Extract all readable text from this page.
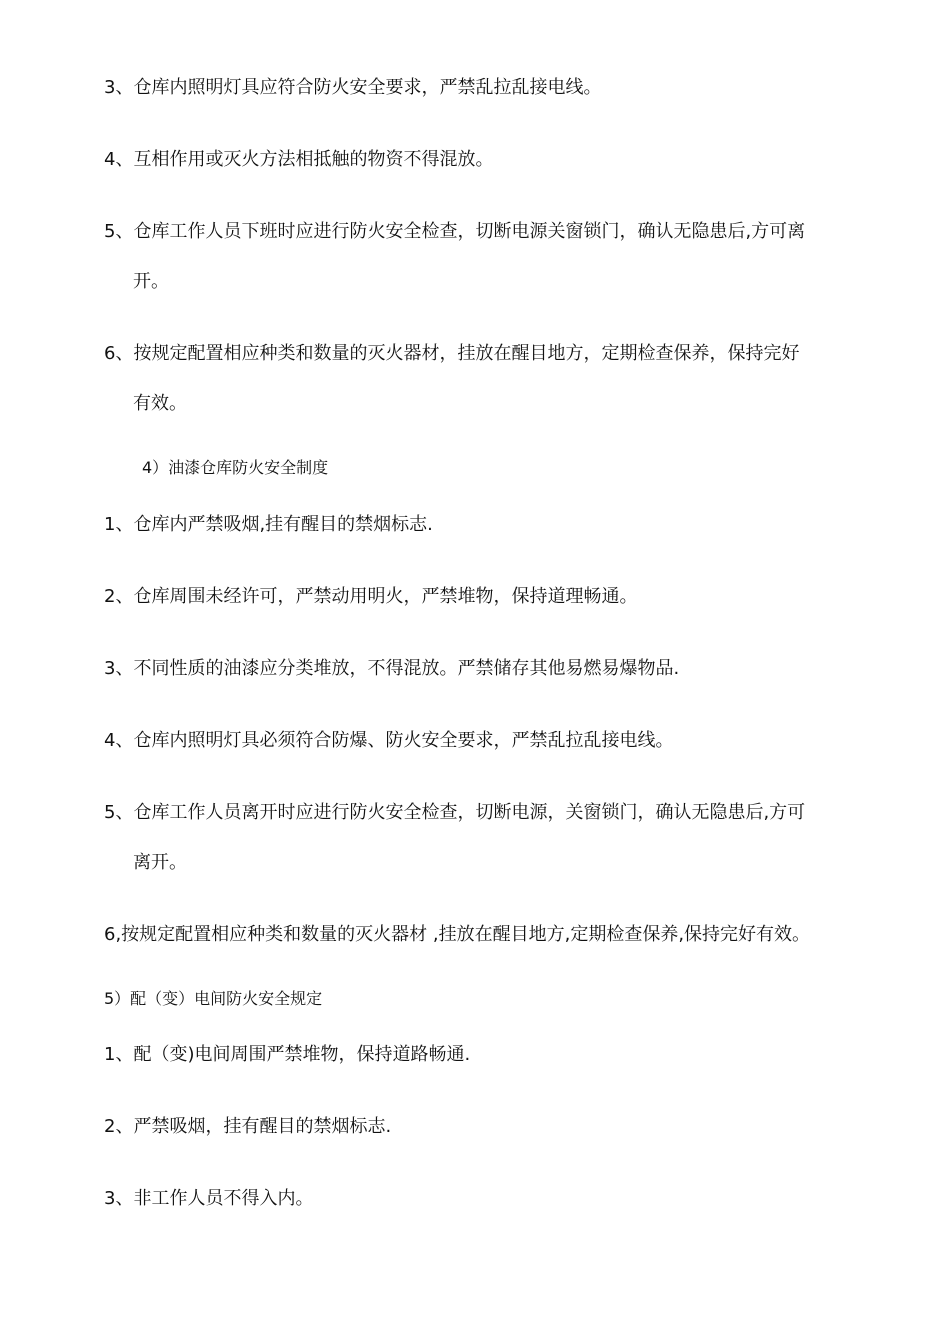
3、仓库内照明灯具应符合防火安全要求，严禁乱拉乱接电线。
4、互相作用或灭火方法相抵触的物资不得混放。
5、仓库工作人员下班时应进行防火安全检查，切断电源关窗锁门，确认无隐患后,方可离
开。
6、按规定配置相应种类和数量的灭火器材，挂放在醒目地方，定期检查保养，保持完好
有效。
4）油漆仓库防火安全制度
1、仓库内严禁吸烟,挂有醒目的禁烟标志.
2、仓库周围未经许可，严禁动用明火，严禁堆物，保持道理畅通。
3、不同性质的油漆应分类堆放，不得混放。严禁储存其他易燃易爆物品.
4、仓库内照明灯具必须符合防爆、防火安全要求，严禁乱拉乱接电线。
5、仓库工作人员离开时应进行防火安全检查，切断电源，关窗锁门，确认无隐患后,方可
离开。
6,按规定配置相应种类和数量的灭火器材 ,挂放在醒目地方,定期检查保养,保持完好有效。
5）配（变）电间防火安全规定
1、配（变)电间周围严禁堆物，保持道路畅通.
2、严禁吸烟，挂有醒目的禁烟标志.
3、非工作人员不得入内。
